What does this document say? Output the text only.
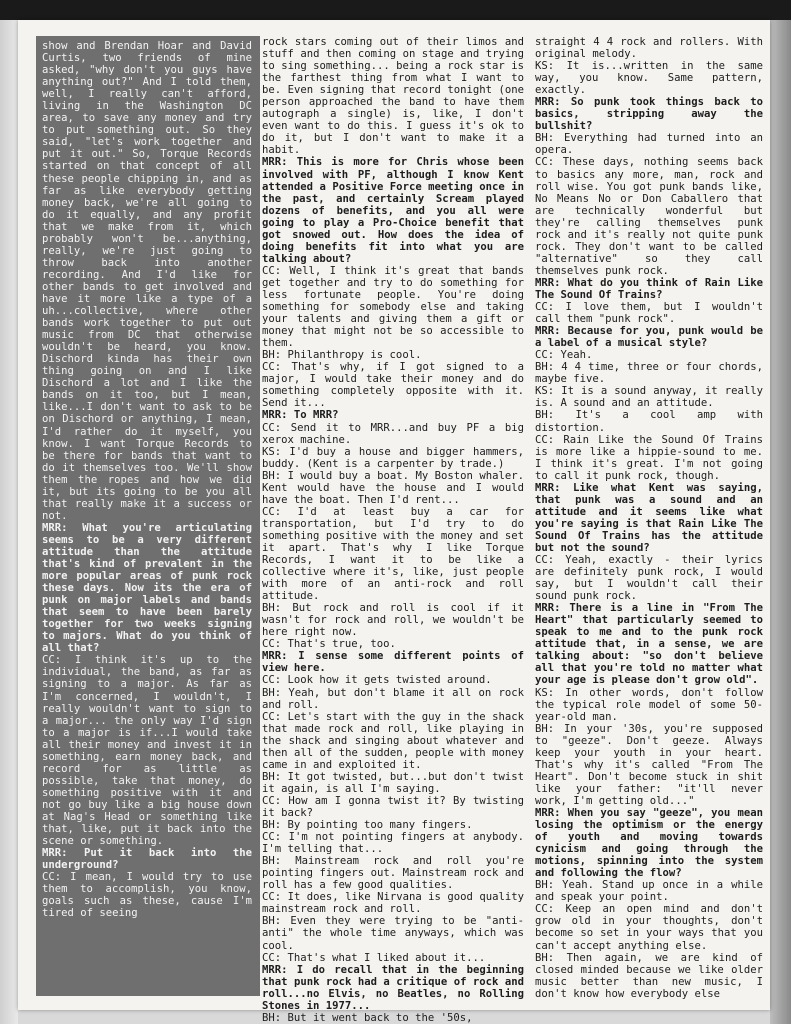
show and Brendan Hoar and David Curtis, two friends of mine asked, "why don't you guys have anything out?" And I told them, well, I really can't afford, living in the Washington DC area, to save any money and try to put something out. So they said, "let's work together and put it out." So, Torque Records started on that concept of all these people chipping in, and as far as like everybody getting money back, we're all going to do it equally, and any profit that we make from it, which probably won't be...anything, really, we're just going to throw back into another recording. And I'd like for other bands to get involved and have it more like a type of a uh...collective, where other bands work together to put out music from DC that otherwise wouldn't be heard, you know. Dischord kinda has their own thing going on and I like Dischord a lot and I like the bands on it too, but I mean, like...I don't want to ask to be on Dischord or anything, I mean, I'd rather do it myself, you know. I want Torque Records to be there for bands that want to do it themselves too. We'll show them the ropes and how we did it, but its going to be you all that really make it a success or not.

MRR: What you're articulating seems to be a very different attitude than the attitude that's kind of prevalent in the more popular areas of punk rock these days. Now its the era of punk on major labels and bands that seem to have been barely together for two weeks signing to majors. What do you think of all that?

CC: I think it's up to the individual, the band, as far as signing to a major. As far as I'm concerned, I wouldn't, I really wouldn't want to sign to a major... the only way I'd sign to a major is if...I would take all their money and invest it in something, earn money back, and record for as little as possible, take that money, do something positive with it and not go buy like a big house down at Nag's Head or something like that, like, put it back into the scene or something.

MRR: Put it back into the underground?

CC: I mean, I would try to use them to accomplish, you know, goals such as these, cause I'm tired of seeing

rock stars coming out of their limos and stuff and then coming on stage and trying to sing something... being a rock star is the farthest thing from what I want to be. Even signing that record tonight (one person approached the band to have them autograph a single) is, like, I don't even want to do this. I guess it's ok to do it, but I don't want to make it a habit.

MRR: This is more for Chris whose been involved with PF, although I know Kent attended a Positive Force meeting once in the past, and certainly Scream played dozens of benefits, and you all were going to play a Pro-Choice benefit that got snowed out. How does the idea of doing benefits fit into what you are talking about?

CC: Well, I think it's great that bands get together and try to do something for less fortunate people. You're doing something for somebody else and taking your talents and giving them a gift or money that might not be so accessible to them.

BH: Philanthropy is cool.

CC: That's why, if I got signed to a major, I would take their money and do something completely opposite with it. Send it...

MRR: To MRR?

CC: Send it to MRR...and buy PF a big xerox machine.

KS: I'd buy a house and bigger hammers, buddy. (Kent is a carpenter by trade.)

BH: I would buy a boat. My Boston whaler. Kent would have the house and I would have the boat. Then I'd rent...

CC: I'd at least buy a car for transportation, but I'd try to do something positive with the money and set it apart. That's why I like Torque Records, I want it to be like a collective where it's, like, just people with more of an anti-rock and roll attitude.

BH: But rock and roll is cool if it wasn't for rock and roll, we wouldn't be here right now.

CC: That's true, too.

MRR: I sense some different points of view here.

CC: Look how it gets twisted around.

BH: Yeah, but don't blame it all on rock and roll.

CC: Let's start with the guy in the shack that made rock and roll, like playing in the shack and singing about whatever and then all of the sudden, people with money came in and exploited it.

BH: It got twisted, but...but don't twist it again, is all I'm saying.

CC: How am I gonna twist it? By twisting it back?

BH: By pointing too many fingers.

CC: I'm not pointing fingers at anybody. I'm telling that...

BH: Mainstream rock and roll you're pointing fingers out. Mainstream rock and roll has a few good qualities.

CC: It does, like Nirvana is good quality mainstream rock and roll.

BH: Even they were trying to be "anti-anti" the whole time anyways, which was cool.

CC: That's what I liked about it...

MRR: I do recall that in the beginning that punk rock had a critique of rock and roll...no Elvis, no Beatles, no Rolling Stones in 1977...

BH: But it went back to the '50s,

straight 4 4 rock and rollers. With original melody.

KS: It is...written in the same way, you know. Same pattern, exactly.

MRR: So punk took things back to basics, stripping away the bullshit?

BH: Everything had turned into an opera.

CC: These days, nothing seems back to basics any more, man, rock and roll wise. You got punk bands like, No Means No or Don Caballero that are technically wonderful but they're calling themselves punk rock and it's really not quite punk rock. They don't want to be called "alternative" so they call themselves punk rock.

MRR: What do you think of Rain Like The Sound Of Trains?

CC: I love them, but I wouldn't call them "punk rock".

MRR: Because for you, punk would be a label of a musical style?

CC: Yeah.

BH: 4 4 time, three or four chords, maybe five.

KS: It is a sound anyway, it really is. A sound and an attitude.

BH: It's a cool amp with distortion.

CC: Rain Like the Sound Of Trains is more like a hippie-sound to me. I think it's great. I'm not going to call it punk rock, though.

MRR: Like what Kent was saying, that punk was a sound and an attitude and it seems like what you're saying is that Rain Like The Sound Of Trains has the attitude but not the sound?

CC: Yeah, exactly - their lyrics are definitely punk rock, I would say, but I wouldn't call their sound punk rock.

MRR: There is a line in "From The Heart" that particularly seemed to speak to me and to the punk rock attitude that, in a sense, we are talking about: "so don't believe all that you're told no matter what your age is please don't grow old".

KS: In other words, don't follow the typical role model of some 50-year-old man.

BH: In your '30s, you're supposed to "geeze". Don't geeze. Always keep your youth in your heart. That's why it's called "From The Heart". Don't become stuck in shit like your father: "it'll never work, I'm getting old..."

MRR: When you say "geeze", you mean losing the optimism or the energy of youth and moving towards cynicism and going through the motions, spinning into the system and following the flow?

BH: Yeah. Stand up once in a while and speak your point.

CC: Keep an open mind and don't grow old in your thoughts, don't become so set in your ways that you can't accept anything else.

BH: Then again, we are kind of closed minded because we like older music better than new music, I don't know how everybody else
